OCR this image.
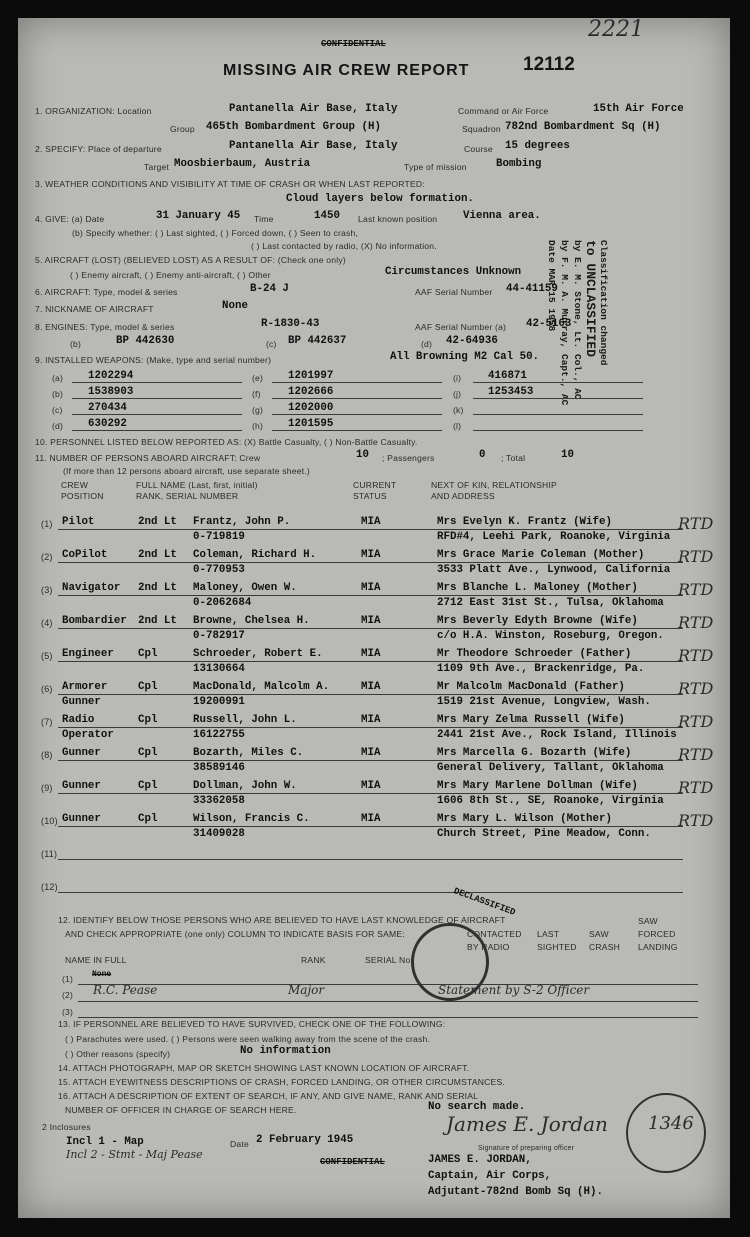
CONFIDENTIAL
2221
MISSING AIR CREW REPORT	12112
Classification changed
to UNCLASSIFIED
by E. M. Stone, Lt. Col., AC
by F. M. A. Murray, Capt., AC
Date MAR 15 1958
1. ORGANIZATION: Location	Pantanella Air Base, Italy	Command or Air Force	15th Air Force
Group 465th Bombardment Group (H)	Squadron 782nd Bombardment Sq (H)
2. SPECIFY: Place of departure	Pantanella Air Base, Italy	Course 15 degrees
Target Moosbierbaum, Austria	Type of mission	Bombing
3. WEATHER CONDITIONS AND VISIBILITY AT TIME OF CRASH OR WHEN LAST REPORTED:
Cloud layers below formation.
4. GIVE: (a) Date	31 January 45 Time	1450 Last known position Vienna area.
(b) Specify whether: ( ) Last sighted, ( ) Forced down, ( ) Seen to crash,
( ) Last contacted by radio, (X) No information.
5. AIRCRAFT (LOST) (BELIEVED LOST) AS A RESULT OF: (Check one only)
( ) Enemy aircraft, ( ) Enemy anti-aircraft, ( ) Other	Circumstances Unknown
6. AIRCRAFT: Type, model & series	B-24 J	AAF Serial Number 44-41159
7. NICKNAME OF AIRCRAFT	None
8. ENGINES: Type, model & series	R-1830-43	AAF Serial Number (a) 42-5163
(b)	BP 442630	(c) BP 442637	(d) 42-64936
9. INSTALLED WEAPONS: (Make, type and serial number)	All Browning M2 Cal 50.
(a) 1202294
(b) 1538903
(c) 270434
(d) 630292
(e) 1201997
(f)	1202666
(g) 1202000
(h) 1201595
(i) 416871
(j) 1253453
(k)
(l)
10. PERSONNEL LISTED BELOW REPORTED AS: (X) Battle Casualty, ( ) Non-Battle Casualty.
11. NUMBER OF PERSONS ABOARD AIRCRAFT: Crew	10 ; Passengers	0 ; Total	10
(If more than 12 persons aboard aircraft, use separate sheet.)
CREW
POSITION
FULL NAME (Last, first, initial)
RANK, SERIAL NUMBER
CURRENT
STATUS
NEXT OF KIN, RELATIONSHIP
AND ADDRESS
(1) Pilot	2nd Lt Frantz, John P.
0-719819
MIA	Mrs Evelyn K. Frantz (Wife)
RFD#4, Leehi Park, Roanoke, Virginia
RTD
(2) CoPilot	2nd Lt Coleman, Richard H.
0-770953
MIA	Mrs Grace Marie Coleman (Mother)
3533 Platt Ave., Lynwood, California
RTD
(3) Navigator 2nd Lt Maloney, Owen W.
0-2062684
MIA	Mrs Blanche L. Maloney (Mother)
2712 East 31st St., Tulsa, Oklahoma
RTD
(4) Bombardier 2nd Lt Browne, Chelsea H.
0-782917
MIA	Mrs Beverly Edyth Browne (Wife)
c/o H.A. Winston, Roseburg, Oregon.
RTD
(5) Engineer Cpl	Schroeder, Robert E.
13130664
MIA	Mr Theodore Schroeder (Father)
1109 9th Ave., Brackenridge, Pa.
RTD
(6) Armorer
Gunner
Cpl	MacDonald, Malcolm A.
19200991
MIA	Mr Malcolm MacDonald (Father)
1519 21st Avenue, Longview, Wash.
RTD
(7) Radio
Operator
Cpl	Russell, John L.
16122755
MIA	Mrs Mary Zelma Russell (Wife)
2441 21st Ave., Rock Island, Illinois
RTD
(8) Gunner	Cpl	Bozarth, Miles C.
38589146
MIA	Mrs Marcella G. Bozarth (Wife)
General Delivery, Tallant, Oklahoma
RTD
(9) Gunner	Cpl	Dollman, John W.
33362058
MIA	Mrs Mary Marlene Dollman (Wife)
1606 8th St., SE, Roanoke, Virginia
RTD
(10) Gunner	Cpl	Wilson, Francis C.
31409028
MIA	Mrs Mary L. Wilson (Mother)
Church Street, Pine Meadow, Conn.
RTD
(11)
(12)
12. IDENTIFY BELOW THOSE PERSONS WHO ARE BELIEVED TO HAVE LAST KNOWLEDGE OF AIRCRAFT
AND CHECK APPROPRIATE (one only) COLUMN TO INDICATE BASIS FOR SAME:	CONTACTED
BY RADIO
LAST
SIGHTED
SAW
CRASH
SAW
FORCED
LANDING
NAME IN FULL	RANK	SERIAL No.
(1) None
(2) R.C. Pease	Major	Statement by S-2 Officer
(3)
DECLASSIFIED
13. IF PERSONNEL ARE BELIEVED TO HAVE SURVIVED, CHECK ONE OF THE FOLLOWING:
( ) Parachutes were used. ( ) Persons were seen walking away from the scene of the crash.
( ) Other reasons (specify)	No information
14. ATTACH PHOTOGRAPH, MAP OR SKETCH SHOWING LAST KNOWN LOCATION OF AIRCRAFT.
15. ATTACH EYEWITNESS DESCRIPTIONS OF CRASH, FORCED LANDING, OR OTHER CIRCUMSTANCES.
16. ATTACH A DESCRIPTION OF EXTENT OF SEARCH, IF ANY, AND GIVE NAME, RANK AND SERIAL
NUMBER OF OFFICER IN CHARGE OF SEARCH HERE.	No search made.
2 Inclosures
Incl 1 - Map
Incl 2 - Stmt - Maj Pease
Date 2 February 1945
CONFIDENTIAL
James E. Jordan
Signature of preparing officer
JAMES E. JORDAN,
Captain, Air Corps,
Adjutant-782nd Bomb Sq (H).
1346
